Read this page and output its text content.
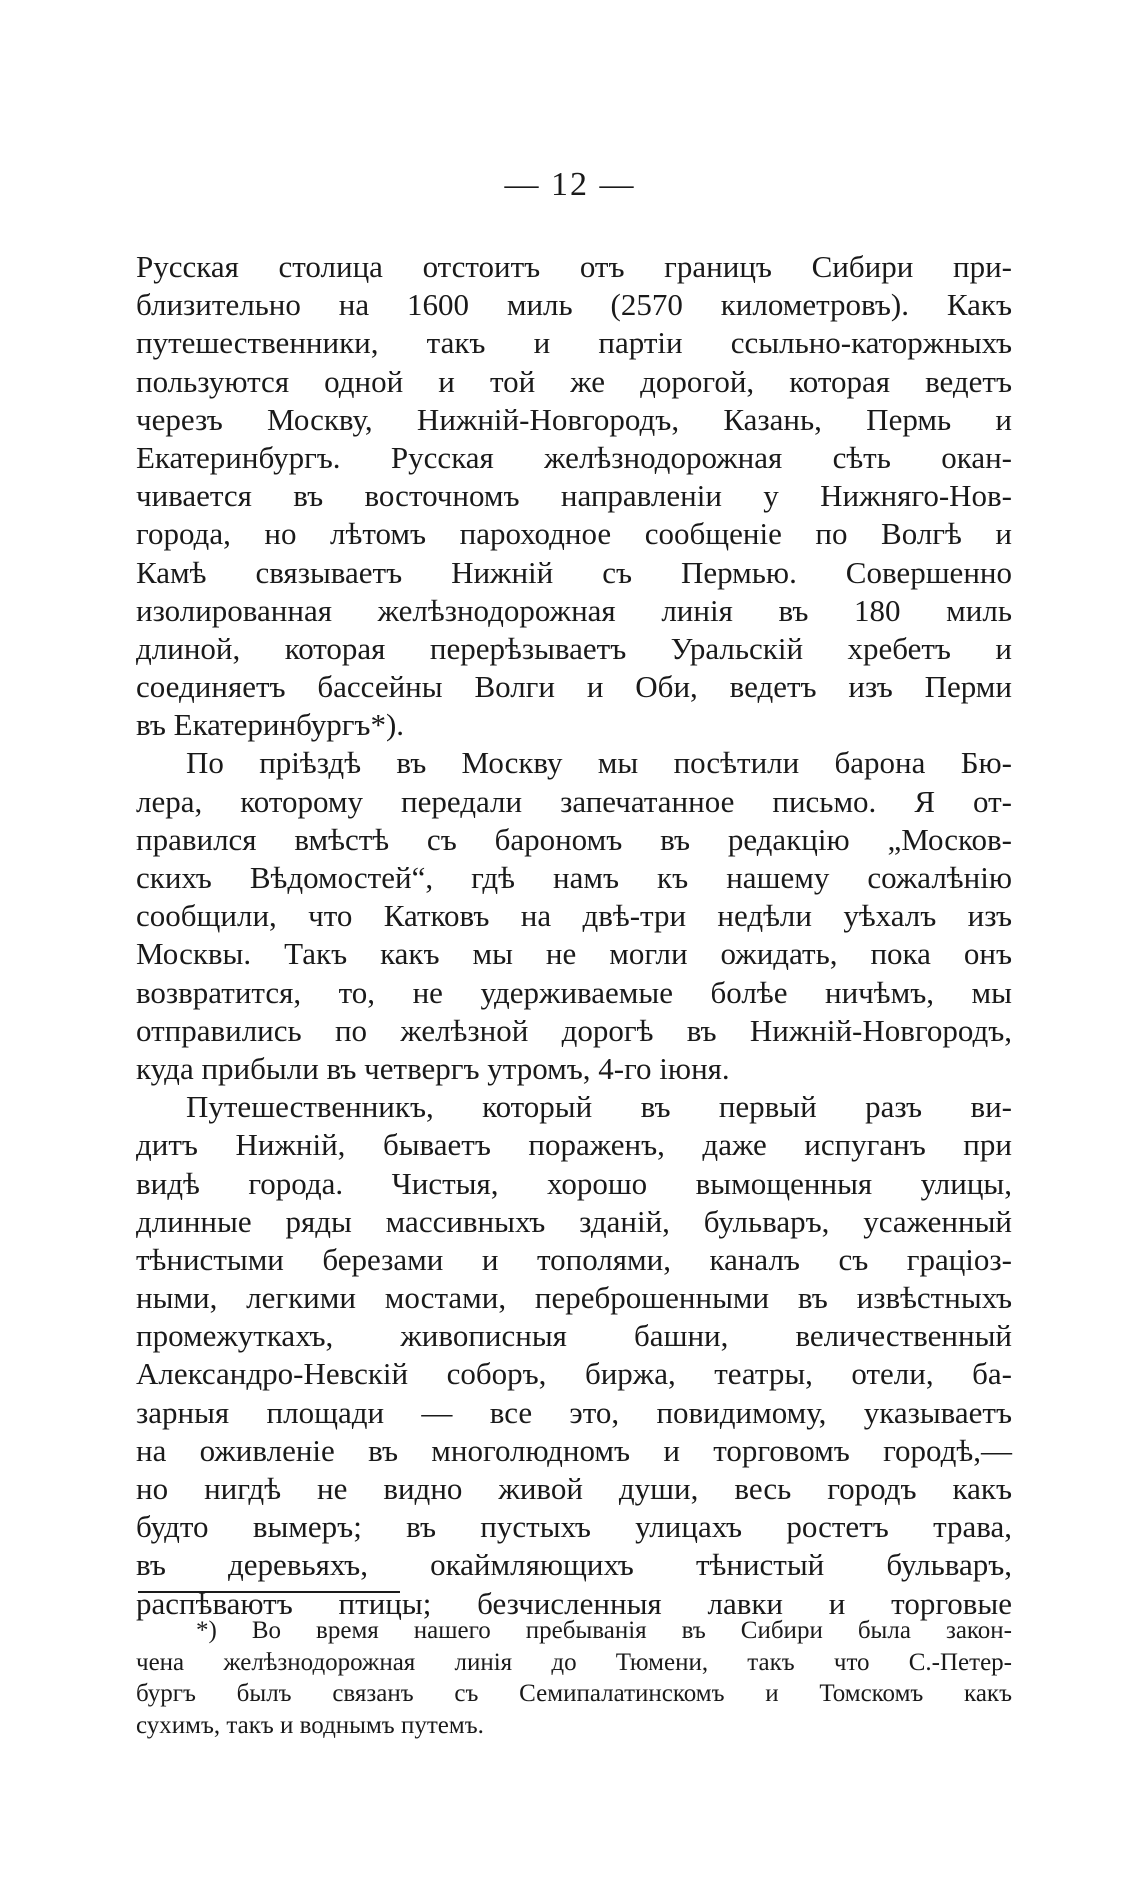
— 12 —
Русская столица отстоитъ отъ границъ Сибири при-
близительно на 1600 миль (2570 километровъ). Какъ
путешественники, такъ и партіи ссыльно-каторжныхъ
пользуются одной и той же дорогой, которая ведетъ
черезъ Москву, Нижній-Новгородъ, Казань, Пермь и
Екатеринбургъ. Русская желѣзнодорожная сѣть окан-
чивается въ восточномъ направленіи у Нижняго-Нов-
города, но лѣтомъ пароходное сообщеніе по Волгѣ и
Камѣ связываетъ Нижній съ Пермью. Совершенно
изолированная желѣзнодорожная линія въ 180 миль
длиной, которая перерѣзываетъ Уральскій хребетъ и
соединяетъ бассейны Волги и Оби, ведетъ изъ Перми
въ Екатеринбургъ*).
По пріѣздѣ въ Москву мы посѣтили барона Бю-
лера, которому передали запечатанное письмо. Я от-
правился вмѣстѣ съ барономъ въ редакцію „Москов-
скихъ Вѣдомостей“, гдѣ намъ къ нашему сожалѣнію
сообщили, что Катковъ на двѣ-три недѣли уѣхалъ изъ
Москвы. Такъ какъ мы не могли ожидать, пока онъ
возвратится, то, не удерживаемые болѣе ничѣмъ, мы
отправились по желѣзной дорогѣ въ Нижній-Новгородъ,
куда прибыли въ четвергъ утромъ, 4-го іюня.
Путешественникъ, который въ первый разъ ви-
дитъ Нижній, бываетъ пораженъ, даже испуганъ при
видѣ города. Чистыя, хорошо вымощенныя улицы,
длинные ряды массивныхъ зданій, бульваръ, усаженный
тѣнистыми березами и тополями, каналъ съ граціоз-
ными, легкими мостами, переброшенными въ извѣстныхъ
промежуткахъ, живописныя башни, величественный
Александро-Невскій соборъ, биржа, театры, отели, ба-
зарныя площади — все это, повидимому, указываетъ
на оживленіе въ многолюдномъ и торговомъ городѣ,—
но нигдѣ не видно живой души, весь городъ какъ
будто вымеръ; въ пустыхъ улицахъ ростетъ трава,
въ деревьяхъ, окаймляющихъ тѣнистый бульваръ,
распѣваютъ птицы; безчисленныя лавки и торговые
*) Во время нашего пребыванія въ Сибири была закон-
чена желѣзнодорожная линія до Тюмени, такъ что С.-Петер-
бургъ былъ связанъ съ Семипалатинскомъ и Томскомъ какъ
сухимъ, такъ и воднымъ путемъ.
